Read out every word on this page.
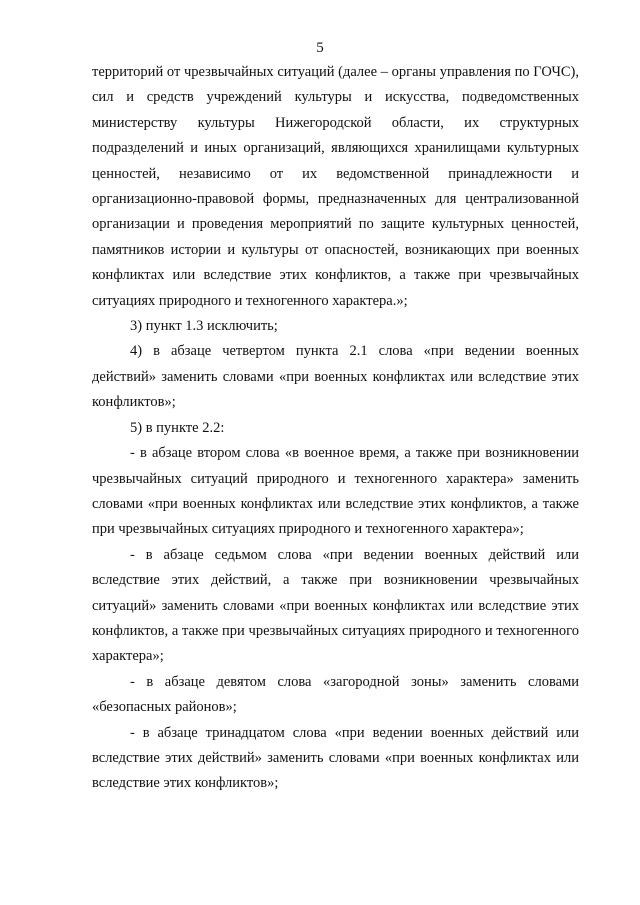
5

территорий от чрезвычайных ситуаций (далее – органы управления по ГОЧС), сил и средств учреждений культуры и искусства, подведомственных министерству культуры Нижегородской области, их структурных подразделений и иных организаций, являющихся хранилищами культурных ценностей, независимо от их ведомственной принадлежности и организационно-правовой формы, предназначенных для централизованной организации и проведения мероприятий по защите культурных ценностей, памятников истории и культуры от опасностей, возникающих при военных конфликтах или вследствие этих конфликтов, а также при чрезвычайных ситуациях природного и техногенного характера.»;

3) пункт 1.3 исключить;

4) в абзаце четвертом пункта 2.1 слова «при ведении военных действий» заменить словами «при военных конфликтах или вследствие этих конфликтов»;

5) в пункте 2.2:

- в абзаце втором слова «в военное время, а также при возникновении чрезвычайных ситуаций природного и техногенного характера» заменить словами «при военных конфликтах или вследствие этих конфликтов, а также при чрезвычайных ситуациях природного и техногенного характера»;

- в абзаце седьмом слова «при ведении военных действий или вследствие этих действий, а также при возникновении чрезвычайных ситуаций» заменить словами «при военных конфликтах или вследствие этих конфликтов, а также при чрезвычайных ситуациях природного и техногенного характера»;

- в абзаце девятом слова «загородной зоны» заменить словами «безопасных районов»;

- в абзаце тринадцатом слова «при ведении военных действий или вследствие этих действий» заменить словами «при военных конфликтах или вследствие этих конфликтов»;
